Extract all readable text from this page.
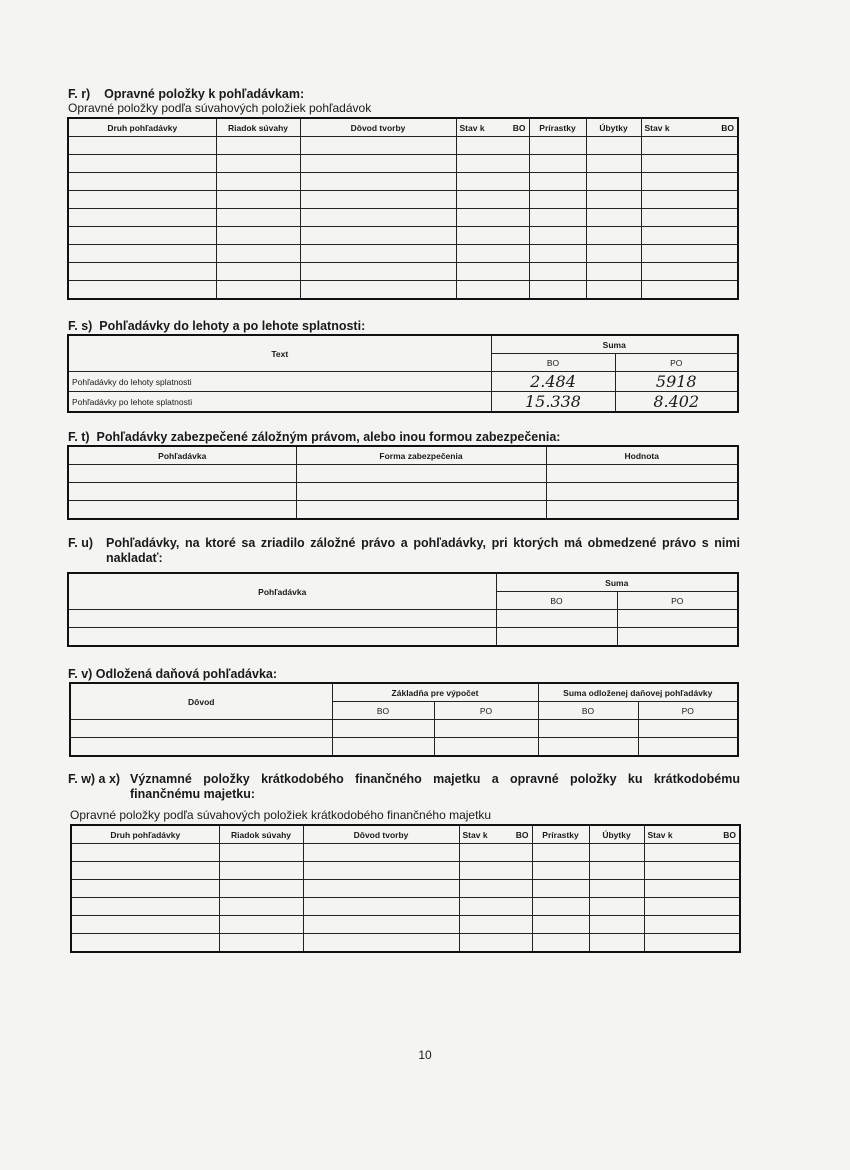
F. r) Opravné položky k pohľadávkam:
Opravné položky podľa súvahových položiek pohľadávok
Druh pohľadávky	Riadok súvahy	Dôvod tvorby	Stav k BO	Prírastky	Úbytky	Stav k BO

F. s) Pohľadávky do lehoty a po lehote splatnosti:
Text	Suma	
	BO	PO
Pohľadávky do lehoty splatnosti	2.484	5918
Pohľadávky po lehote splatnosti	15.338	8.402
F. t) Pohľadávky zabezpečené záložným právom, alebo inou formou zabezpečenia:
Pohľadávka	Forma zabezpečenia	Hodnota

F. u)	Pohľadávky, na ktoré sa zriadilo záložné právo a pohľadávky, pri ktorých má obmedzené právo s nimi nakladať:
Pohľadávka	Suma	
	BO	PO

F. v) Odložená daňová pohľadávka:
Dôvod	Základňa pre výpočet		Suma odloženej daňovej pohľadávky	
	BO	PO	BO	PO

F. w) a x) Významné položky krátkodobého finančného majetku a opravné položky ku krátkodobému finančnému majetku:
Opravné položky podľa súvahových položiek krátkodobého finančného majetku
Druh pohľadávky	Riadok súvahy	Dôvod tvorby	Stav k BO	Prírastky	Úbytky	Stav k BO

10
